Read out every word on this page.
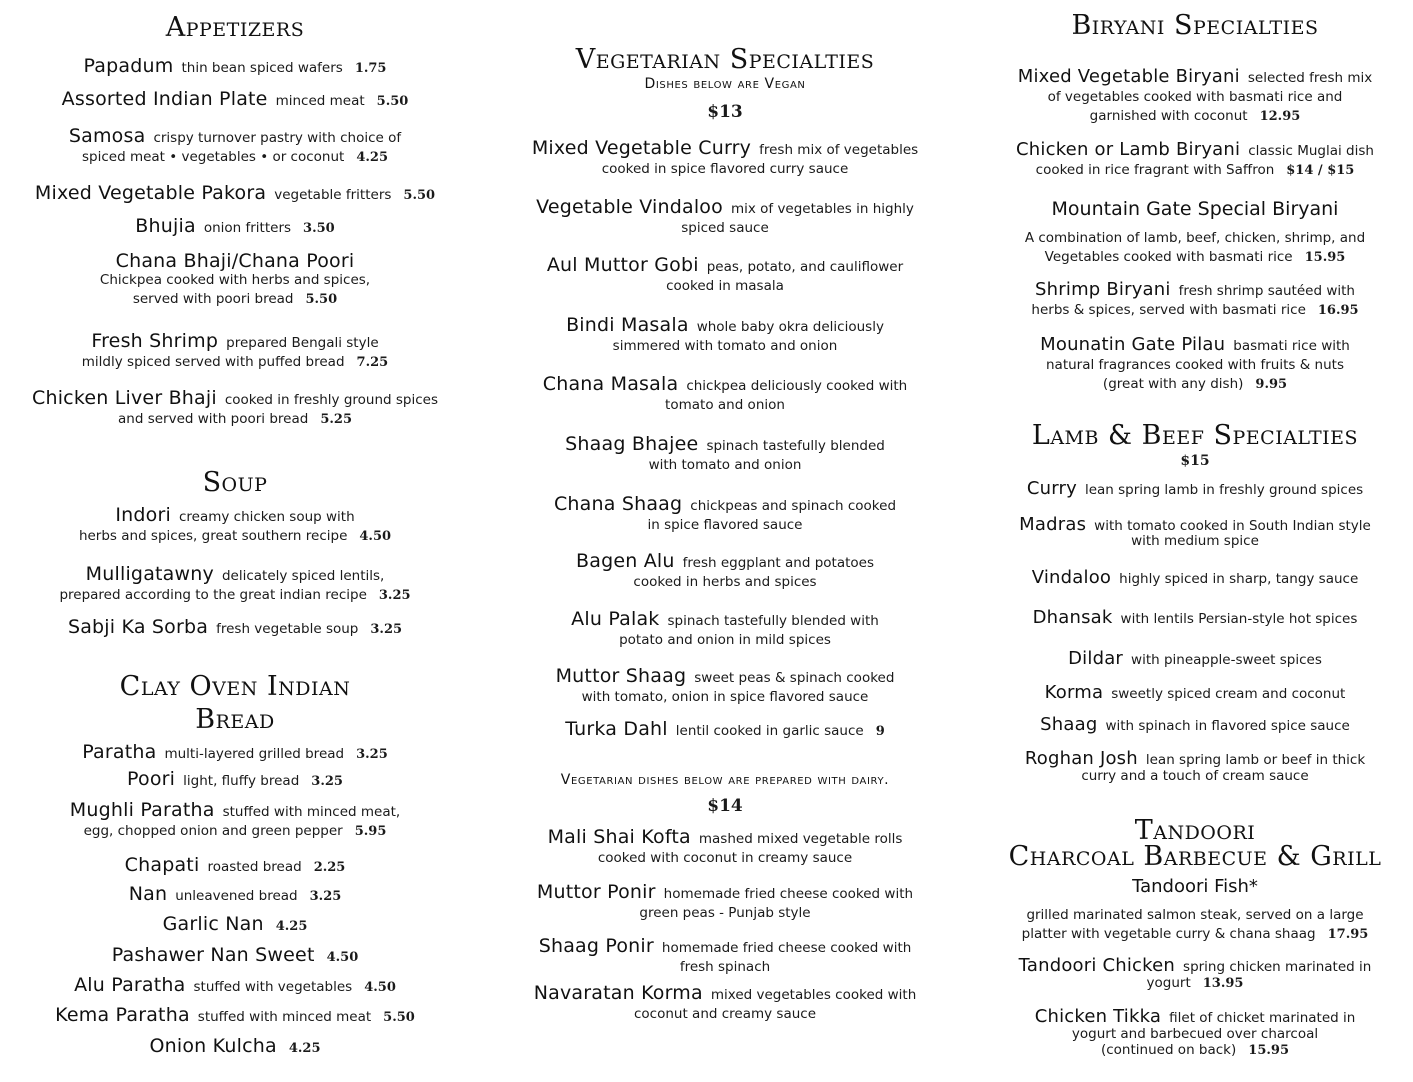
Appetizers
Papadum thin bean spiced wafers 1.75
Assorted Indian Plate minced meat 5.50
Samosa crispy turnover pastry with choice of
spiced meat • vegetables • or coconut 4.25
Mixed Vegetable Pakora vegetable fritters 5.50
Bhujia onion fritters 3.50
Chana Bhaji/Chana Poori
Chickpea cooked with herbs and spices,
served with poori bread 5.50
Fresh Shrimp prepared Bengali style
mildly spiced served with puffed bread 7.25
Chicken Liver Bhaji cooked in freshly ground spices
and served with poori bread 5.25
Soup
Indori creamy chicken soup with
herbs and spices, great southern recipe 4.50
Mulligatawny delicately spiced lentils,
prepared according to the great indian recipe 3.25
Sabji Ka Sorba fresh vegetable soup 3.25
Clay Oven Indian
Bread
Paratha multi-layered grilled bread 3.25
Poori light, fluffy bread 3.25
Mughli Paratha stuffed with minced meat,
egg, chopped onion and green pepper 5.95
Chapati roasted bread 2.25
Nan unleavened bread 3.25
Garlic Nan 4.25
Pashawer Nan Sweet 4.50
Alu Paratha stuffed with vegetables 4.50
Kema Paratha stuffed with minced meat 5.50
Onion Kulcha 4.25
Vegetarian Specialties
Dishes below are Vegan
$13
Mixed Vegetable Curry fresh mix of vegetables
cooked in spice flavored curry sauce
Vegetable Vindaloo mix of vegetables in highly
spiced sauce
Aul Muttor Gobi peas, potato, and cauliflower
cooked in masala
Bindi Masala whole baby okra deliciously
simmered with tomato and onion
Chana Masala chickpea deliciously cooked with
tomato and onion
Shaag Bhajee spinach tastefully blended
with tomato and onion
Chana Shaag chickpeas and spinach cooked
in spice flavored sauce
Bagen Alu fresh eggplant and potatoes
cooked in herbs and spices
Alu Palak spinach tastefully blended with
potato and onion in mild spices
Muttor Shaag sweet peas & spinach cooked
with tomato, onion in spice flavored sauce
Turka Dahl lentil cooked in garlic sauce 9
Vegetarian dishes below are prepared with dairy.
$14
Mali Shai Kofta mashed mixed vegetable rolls
cooked with coconut in creamy sauce
Muttor Ponir homemade fried cheese cooked with
green peas - Punjab style
Shaag Ponir homemade fried cheese cooked with
fresh spinach
Navaratan Korma mixed vegetables cooked with
coconut and creamy sauce
Biryani Specialties
Mixed Vegetable Biryani selected fresh mix
of vegetables cooked with basmati rice and
garnished with coconut 12.95
Chicken or Lamb Biryani classic Muglai dish
cooked in rice fragrant with Saffron $14 / $15
Mountain Gate Special Biryani
A combination of lamb, beef, chicken, shrimp, and
Vegetables cooked with basmati rice 15.95
Shrimp Biryani fresh shrimp sautéed with
herbs & spices, served with basmati rice 16.95
Mounatin Gate Pilau basmati rice with
natural fragrances cooked with fruits & nuts
(great with any dish) 9.95
Lamb & Beef Specialties
$15
Curry lean spring lamb in freshly ground spices
Madras with tomato cooked in South Indian style
with medium spice
Vindaloo highly spiced in sharp, tangy sauce
Dhansak with lentils Persian-style hot spices
Dildar with pineapple-sweet spices
Korma sweetly spiced cream and coconut
Shaag with spinach in flavored spice sauce
Roghan Josh lean spring lamb or beef in thick
curry and a touch of cream sauce
Tandoori
Charcoal Barbecue & Grill
Tandoori Fish*
grilled marinated salmon steak, served on a large
platter with vegetable curry & chana shaag 17.95
Tandoori Chicken spring chicken marinated in
yogurt 13.95
Chicken Tikka filet of chicket marinated in
yogurt and barbecued over charcoal
(continued on back) 15.95
